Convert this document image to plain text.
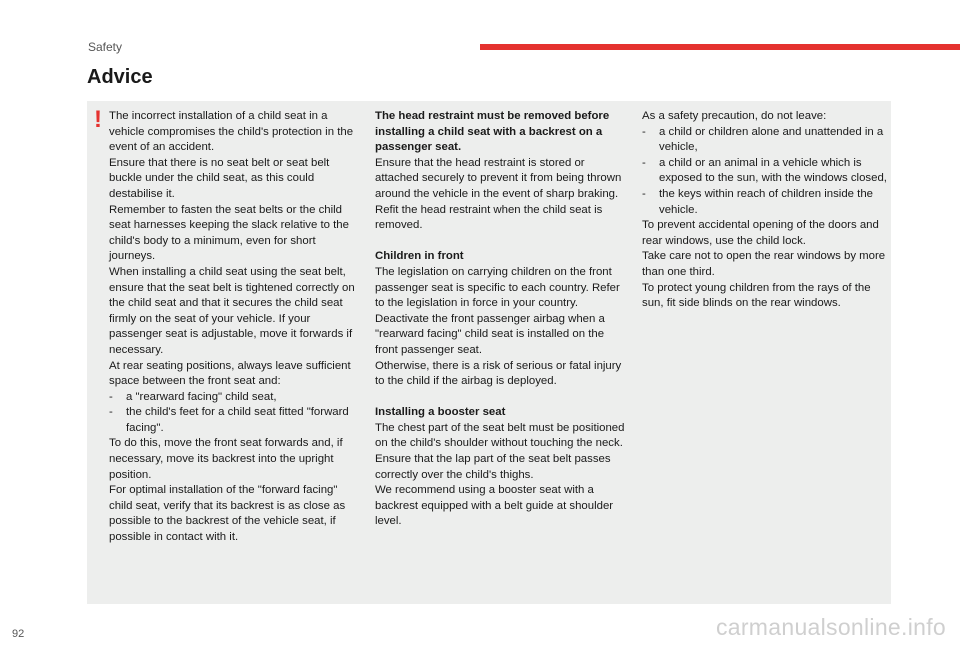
Safety
Advice
! The incorrect installation of a child seat in a vehicle compromises the child's protection in the event of an accident.

Ensure that there is no seat belt or seat belt buckle under the child seat, as this could destabilise it.

Remember to fasten the seat belts or the child seat harnesses keeping the slack relative to the child's body to a minimum, even for short journeys.

When installing a child seat using the seat belt, ensure that the seat belt is tightened correctly on the child seat and that it secures the child seat firmly on the seat of your vehicle. If your passenger seat is adjustable, move it forwards if necessary.

At rear seating positions, always leave sufficient space between the front seat and:

-	a "rearward facing" child seat,
-	the child's feet for a child seat fitted "forward facing".

To do this, move the front seat forwards and, if necessary, move its backrest into the upright position.

For optimal installation of the "forward facing" child seat, verify that its backrest is as close as possible to the backrest of the vehicle seat, if possible in contact with it.

The head restraint must be removed before installing a child seat with a backrest on a passenger seat.

Ensure that the head restraint is stored or attached securely to prevent it from being thrown around the vehicle in the event of sharp braking. Refit the head restraint when the child seat is removed.

Children in front

The legislation on carrying children on the front passenger seat is specific to each country. Refer to the legislation in force in your country.

Deactivate the front passenger airbag when a "rearward facing" child seat is installed on the front passenger seat.

Otherwise, there is a risk of serious or fatal injury to the child if the airbag is deployed.

Installing a booster seat

The chest part of the seat belt must be positioned on the child's shoulder without touching the neck.

Ensure that the lap part of the seat belt passes correctly over the child's thighs.

We recommend using a booster seat with a backrest equipped with a belt guide at shoulder level.

As a safety precaution, do not leave:

-	a child or children alone and unattended in a vehicle,
-	a child or an animal in a vehicle which is exposed to the sun, with the windows closed,
-	the keys within reach of children inside the vehicle.

To prevent accidental opening of the doors and rear windows, use the child lock.

Take care not to open the rear windows by more than one third.

To protect young children from the rays of the sun, fit side blinds on the rear windows.

92	carmanualsonline.info
